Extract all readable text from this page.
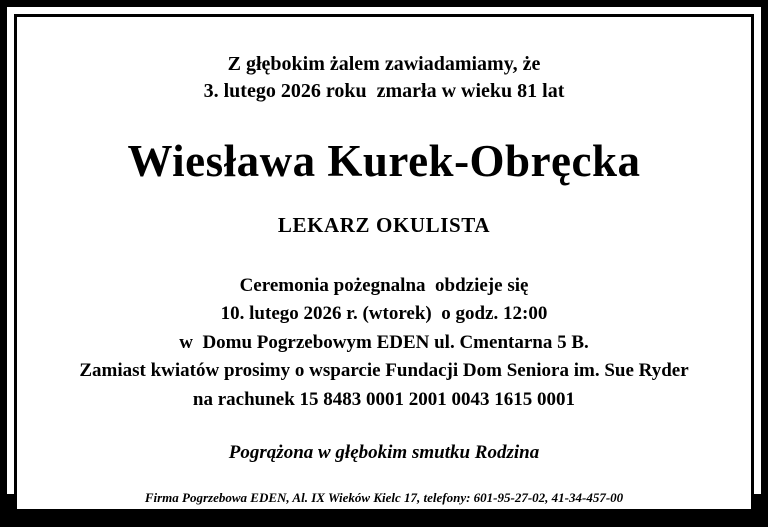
Z głębokim żalem zawiadamiamy, że
3. lutego 2026 roku  zmarła w wieku 81 lat
Wiesława Kurek-Obręcka
LEKARZ OKULISTA
Ceremonia pożegnalna  obdzieje się
10. lutego 2026 r. (wtorek)  o godz. 12:00
w  Domu Pogrzebowym EDEN ul. Cmentarna 5 B.
Zamiast kwiatów prosimy o wsparcie Fundacji Dom Seniora im. Sue Ryder
na rachunek 15 8483 0001 2001 0043 1615 0001
Pogrążona w głębokim smutku Rodzina
Firma Pogrzebowa EDEN, Al. IX Wieków Kielc 17, telefony: 601-95-27-02, 41-34-457-00
